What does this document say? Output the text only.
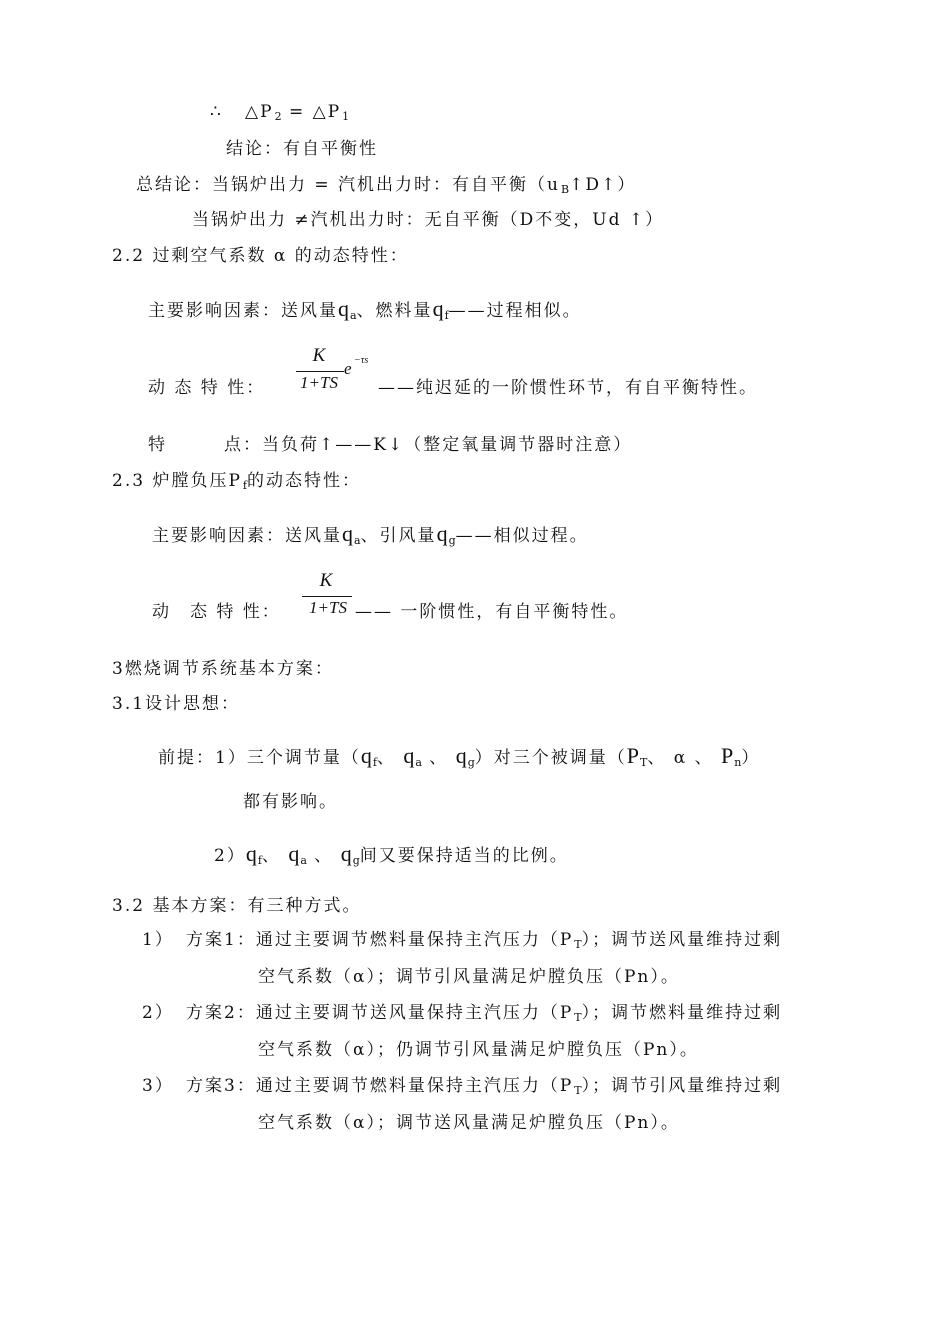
∴ △P2 = △P1
结论：有自平衡性
总结论：当锅炉出力 = 汽机出力时：有自平衡（uB↑D↑）
当锅炉出力 ≠汽机出力时：无自平衡（D不变，Ud ↑）
2.2 过剩空气系数 α 的动态特性：
主要影响因素：送风量qa、燃料量qf——过程相似。
K
1+TS
e −τs
动 态 特 性：	——纯迟延的一阶惯性环节，有自平衡特性。
特　　　点：当负荷↑——K↓（整定氧量调节器时注意）
2.3 炉膛负压Pf的动态特性：
主要影响因素：送风量qa、引风量qg——相似过程。
K
1+TS
动　态 特 性：	—— 一阶惯性，有自平衡特性。
3燃烧调节系统基本方案：
3.1设计思想：
前提：1）三个调节量（qf、 qa 、 qg）对三个被调量（PT、 α 、 Pn）
都有影响。
2）qf、 qa 、 qg间又要保持适当的比例。
3.2 基本方案：有三种方式。
1） 方案1：通过主要调节燃料量保持主汽压力（PT）；调节送风量维持过剩
空气系数（α）；调节引风量满足炉膛负压（Pn）。
2） 方案2：通过主要调节送风量保持主汽压力（PT）；调节燃料量维持过剩
空气系数（α）；仍调节引风量满足炉膛负压（Pn）。
3） 方案3：通过主要调节燃料量保持主汽压力（PT）；调节引风量维持过剩
空气系数（α）；调节送风量满足炉膛负压（Pn）。
